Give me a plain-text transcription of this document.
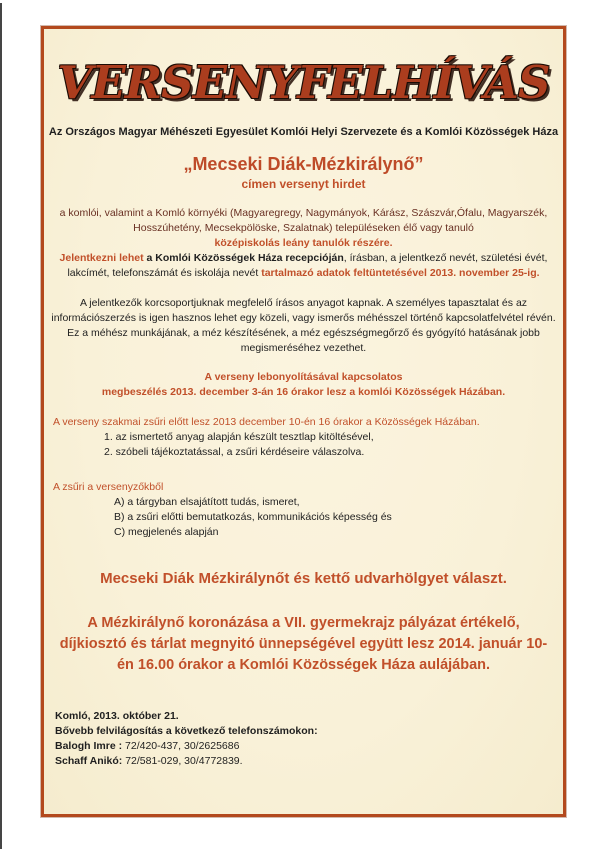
VERSENYFELHÍVÁS

Az Országos Magyar Méhészeti Egyesület Komlói Helyi Szervezete és a Komlói Közösségek Háza

„Mecseki Diák-Mézkirálynő”

címen versenyt hirdet

a komlói, valamint a Komló környéki (Magyaregregy, Nagymányok, Kárász, Szászvár,Ófalu, Magyarszék, Hosszúhetény, Mecsekpölöske, Szalatnak) településeken élő vagy tanuló
középiskolás leány tanulók részére.

Jelentkezni lehet a Komlói Közösségek Háza recepcióján, írásban, a jelentkező nevét, születési évét, lakcímét, telefonszámát és iskolája nevét tartalmazó adatok feltüntetésével 2013. november 25-ig.

A jelentkezők korcsoportjuknak megfelelő írásos anyagot kapnak. A személyes tapasztalat és az információszerzés is igen hasznos lehet egy közeli, vagy ismerős méhésszel történő kapcsolatfelvétel révén. Ez a méhész munkájának, a méz készítésének, a méz egészségmegőrző és gyógyító hatásának jobb megismeréséhez vezethet.

A verseny lebonyolításával kapcsolatos
megbeszélés 2013. december 3-án 16 órakor lesz a komlói Közösségek Házában.

A verseny szakmai zsűri előtt lesz 2013 december 10-én 16 órakor a Közösségek Házában.
1. az ismertető anyag alapján készült tesztlap kitöltésével,
2. szóbeli tájékoztatással, a zsűri kérdéseire válaszolva.
A zsűri a versenyzőkből
A) a tárgyban elsajátított tudás, ismeret,
B) a zsűri előtti bemutatkozás, kommunikációs képesség és
C) megjelenés alapján

Mecseki Diák Mézkirálynőt és kettő udvarhölgyet választ.

A Mézkirálynő koronázása a VII. gyermekrajz pályázat értékelő, díjkiosztó és tárlat megnyitó ünnepségével együtt lesz 2014. január 10-én 16.00 órakor a Komlói Közösségek Háza aulájában.

Komló, 2013. október 21.
Bővebb felvilágosítás a következő telefonszámokon:
Balogh Imre : 72/420-437, 30/2625686
Schaff Anikó: 72/581-029, 30/4772839.
